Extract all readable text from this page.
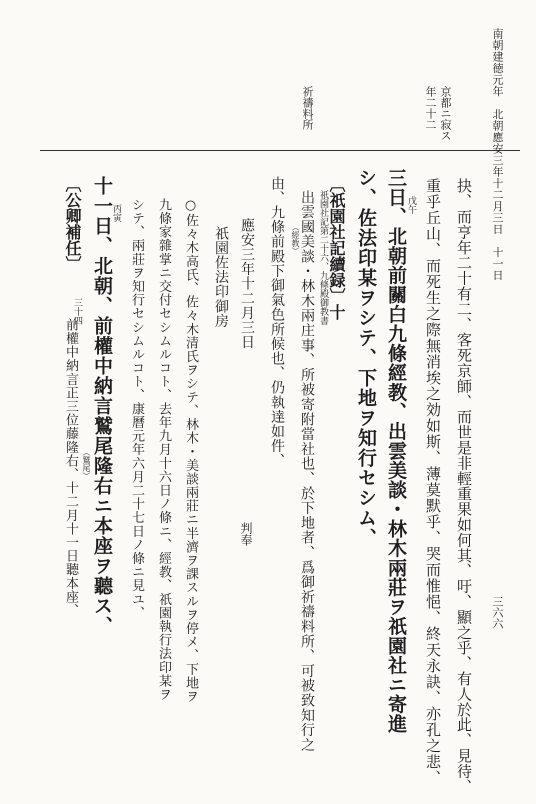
南朝建徳元年　北朝應安三年十二月三日　十一日
三六六
京都ニ寂ス
年二十二
祈禱料所
抉、而亨年二十有二、客死京師、而世是非輕重果如何其、吁、顯之乎、有人於此、見待、
重乎丘山、而死生之際無消埃之効如斯、薄莫默乎、哭而惟悒、終天永訣、亦孔之悲、
戊午
三日、北朝前關白九條經教、出雲美談・林木兩莊ヲ祇園社ニ寄進
シ、佐法印某ヲシテ、下地ヲ知行セシム、
〔祇園社記續録〕十
祇園社記第二十六、九條殿御教書
出雲國美談・林木兩庄事、所被寄附當社也、於下地者、爲御祈禱料所、可被致知行之
（經教）
由、九條前殿下御氣色所候也、仍執達如件、
應安三年十二月三日
判奉
祇園佐法印御房
○佐々木高氏、佐々木清氏ヲシテ、林木・美談兩莊ニ半濟ヲ課スルヲ停メ、下地ヲ
九條家雜掌ニ交付セシムルコト、去年九月十六日ノ條ニ、經教、祇園執行法印某ヲ
シテ、兩莊ヲ知行セシムルコト、康曆元年六月二十七日ノ條ニ見ユ、
丙寅
十一日、北朝、前權中納言鷲尾隆右ニ本座ヲ聽ス、
（鷲尾）
〔公卿補任〕
三十四
前權中納言正三位藤隆右、十二月十一日聽本座、
